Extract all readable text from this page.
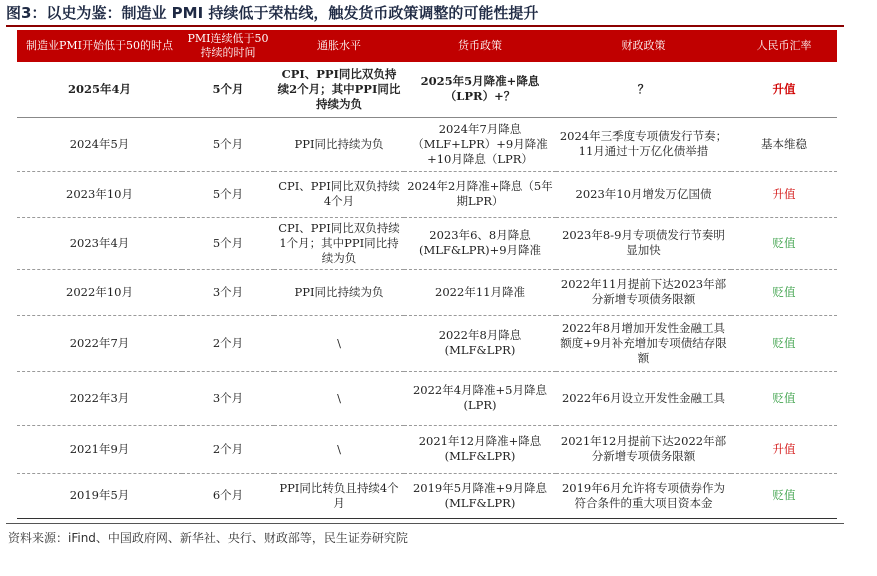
图3：以史为鉴：制造业 PMI 持续低于荣枯线，触发货币政策调整的可能性提升
制造业PMI开始低于50的时点	PMI连续低于50持续的时间	通胀水平	货币政策	财政政策	人民币汇率
2025年4月	5个月	CPI、PPI同比双负持续2个月；其中PPI同比持续为负	2025年5月降准+降息（LPR）+？	？	升值
2024年5月	5个月	PPI同比持续为负	2024年7月降息（MLF+LPR）+9月降准+10月降息（LPR）	2024年三季度专项债发行节奏；11月通过十万亿化债举措	基本维稳
2023年10月	5个月	CPI、PPI同比双负持续4个月	2024年2月降准+降息（5年期LPR）	2023年10月增发万亿国债	升值
2023年4月	5个月	CPI、PPI同比双负持续1个月；其中PPI同比持续为负	2023年6、8月降息(MLF&LPR)+9月降准	2023年8-9月专项债发行节奏明显加快	贬值
2022年10月	3个月	PPI同比持续为负	2022年11月降准	2022年11月提前下达2023年部分新增专项债务限额	贬值
2022年7月	2个月	\	2022年8月降息(MLF&LPR)	2022年8月增加开发性金融工具额度+9月补充增加专项债结存限额	贬值
2022年3月	3个月	\	2022年4月降准+5月降息(LPR)	2022年6月设立开发性金融工具	贬值
2021年9月	2个月	\	2021年12月降准+降息(MLF&LPR)	2021年12月提前下达2022年部分新增专项债务限额	升值
2019年5月	6个月	PPI同比转负且持续4个月	2019年5月降准+9月降息(MLF&LPR)	2019年6月允许将专项债券作为符合条件的重大项目资本金	贬值
资料来源：iFind、中国政府网、新华社、央行、财政部等，民生证券研究院
